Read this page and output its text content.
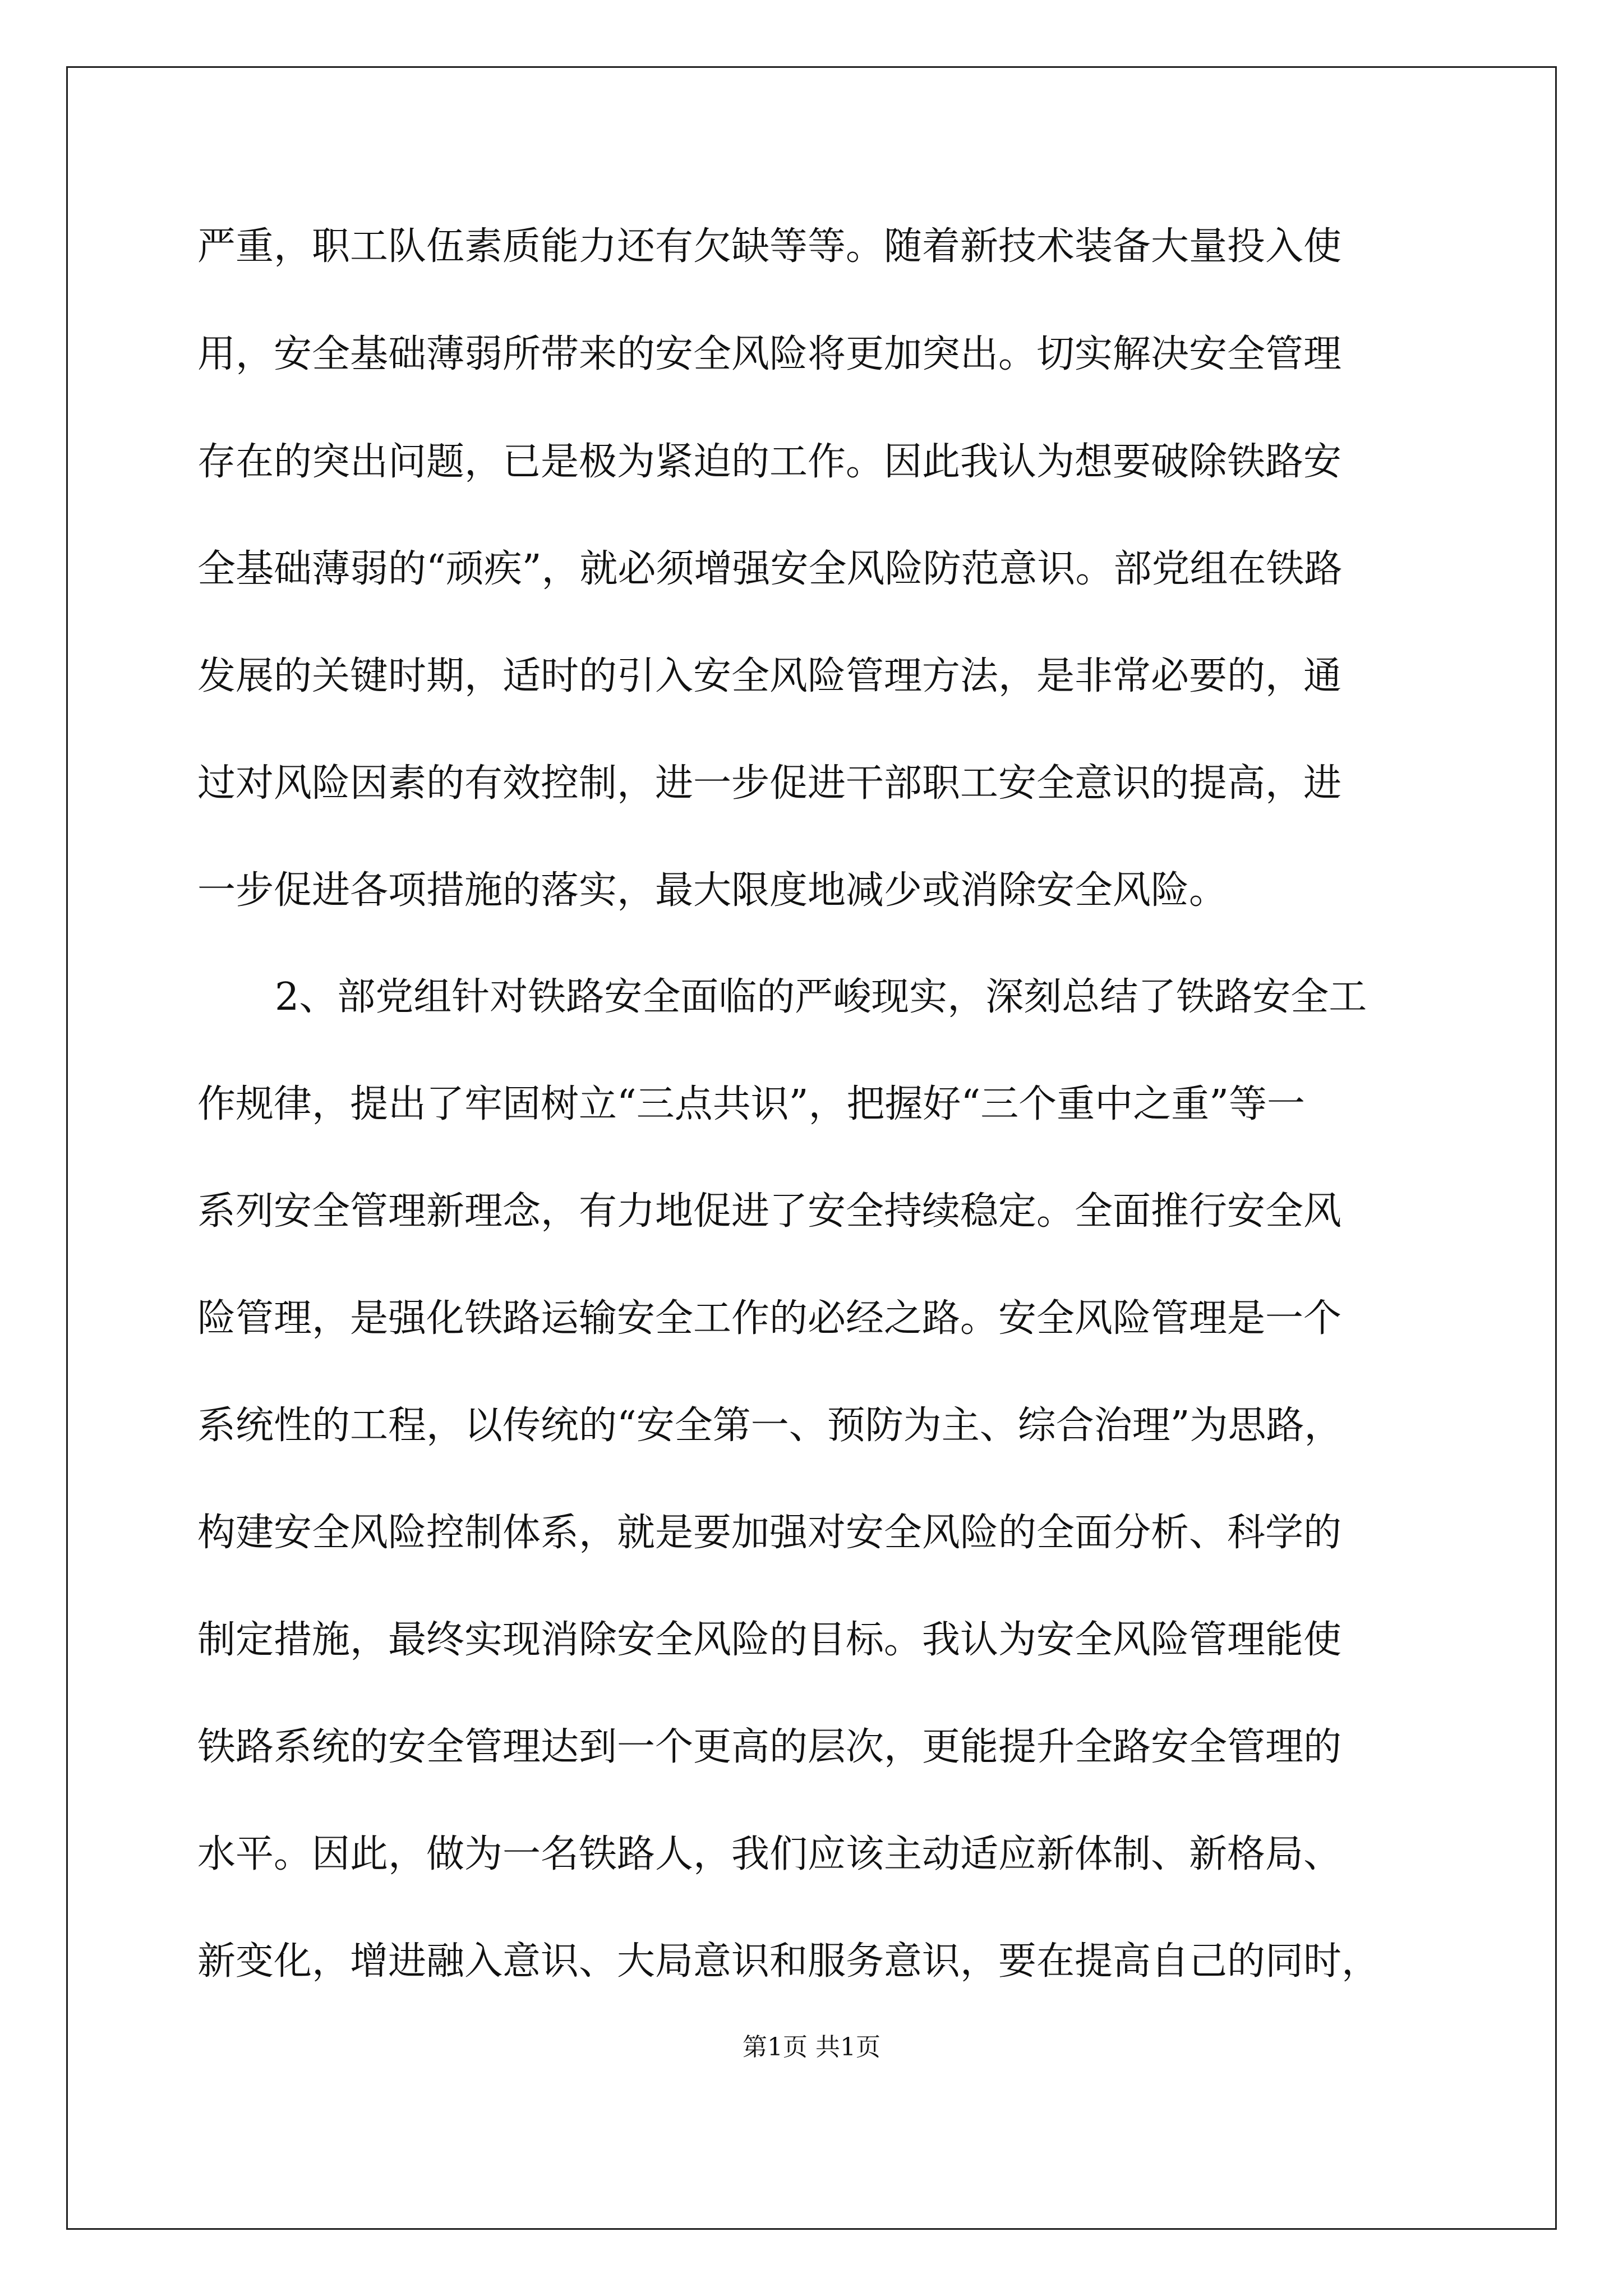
严重，职工队伍素质能力还有欠缺等等。随着新技术装备大量投入使

用，安全基础薄弱所带来的安全风险将更加突出。切实解决安全管理

存在的突出问题，已是极为紧迫的工作。因此我认为想要破除铁路安

全基础薄弱的“顽疾”，就必须增强安全风险防范意识。部党组在铁路

发展的关键时期，适时的引入安全风险管理方法，是非常必要的，通

过对风险因素的有效控制，进一步促进干部职工安全意识的提高，进

一步促进各项措施的落实，最大限度地减少或消除安全风险。

2、部党组针对铁路安全面临的严峻现实，深刻总结了铁路安全工

作规律，提出了牢固树立“三点共识”，把握好“三个重中之重”等一

系列安全管理新理念，有力地促进了安全持续稳定。全面推行安全风

险管理，是强化铁路运输安全工作的必经之路。安全风险管理是一个

系统性的工程，以传统的“安全第一、预防为主、综合治理”为思路，

构建安全风险控制体系，就是要加强对安全风险的全面分析、科学的

制定措施，最终实现消除安全风险的目标。我认为安全风险管理能使

铁路系统的安全管理达到一个更高的层次，更能提升全路安全管理的

水平。因此，做为一名铁路人，我们应该主动适应新体制、新格局、

新变化，增进融入意识、大局意识和服务意识，要在提高自己的同时，

第1页 共1页
